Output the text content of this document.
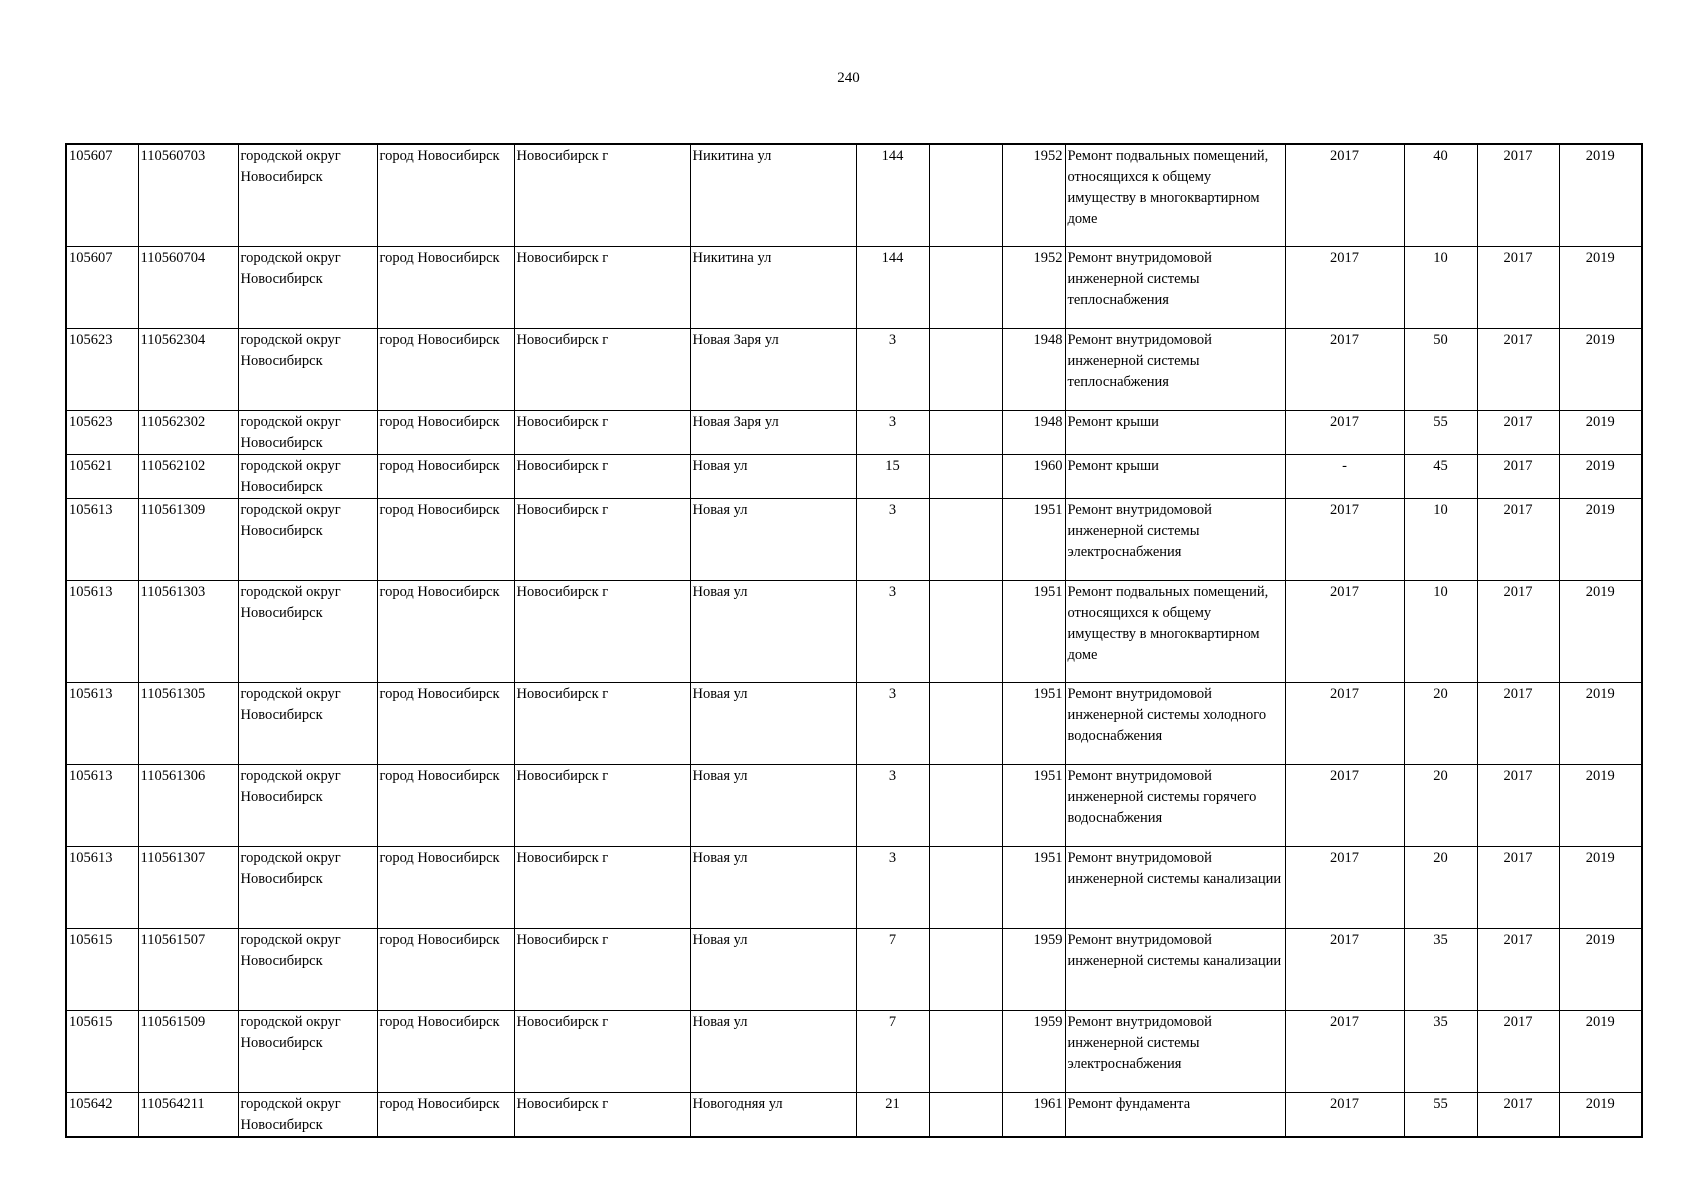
240
105607	110560703	городской округ Новосибирск	город Новосибирск	Новосибирск г	Никитина ул	144		1952	Ремонт подвальных помещений, относящихся к общему имуществу в многоквартирном доме	2017	40	2017	2019
105607	110560704	городской округ Новосибирск	город Новосибирск	Новосибирск г	Никитина ул	144		1952	Ремонт внутридомовой инженерной системы теплоснабжения	2017	10	2017	2019
105623	110562304	городской округ Новосибирск	город Новосибирск	Новосибирск г	Новая Заря ул	3		1948	Ремонт внутридомовой инженерной системы теплоснабжения	2017	50	2017	2019
105623	110562302	городской округ Новосибирск	город Новосибирск	Новосибирск г	Новая Заря ул	3		1948	Ремонт крыши	2017	55	2017	2019
105621	110562102	городской округ Новосибирск	город Новосибирск	Новосибирск г	Новая ул	15		1960	Ремонт крыши	-	45	2017	2019
105613	110561309	городской округ Новосибирск	город Новосибирск	Новосибирск г	Новая ул	3		1951	Ремонт внутридомовой инженерной системы электроснабжения	2017	10	2017	2019
105613	110561303	городской округ Новосибирск	город Новосибирск	Новосибирск г	Новая ул	3		1951	Ремонт подвальных помещений, относящихся к общему имуществу в многоквартирном доме	2017	10	2017	2019
105613	110561305	городской округ Новосибирск	город Новосибирск	Новосибирск г	Новая ул	3		1951	Ремонт внутридомовой инженерной системы холодного водоснабжения	2017	20	2017	2019
105613	110561306	городской округ Новосибирск	город Новосибирск	Новосибирск г	Новая ул	3		1951	Ремонт внутридомовой инженерной системы горячего водоснабжения	2017	20	2017	2019
105613	110561307	городской округ Новосибирск	город Новосибирск	Новосибирск г	Новая ул	3		1951	Ремонт внутридомовой инженерной системы канализации	2017	20	2017	2019
105615	110561507	городской округ Новосибирск	город Новосибирск	Новосибирск г	Новая ул	7		1959	Ремонт внутридомовой инженерной системы канализации	2017	35	2017	2019
105615	110561509	городской округ Новосибирск	город Новосибирск	Новосибирск г	Новая ул	7		1959	Ремонт внутридомовой инженерной системы электроснабжения	2017	35	2017	2019
105642	110564211	городской округ Новосибирск	город Новосибирск	Новосибирск г	Новогодняя ул	21		1961	Ремонт фундамента	2017	55	2017	2019
